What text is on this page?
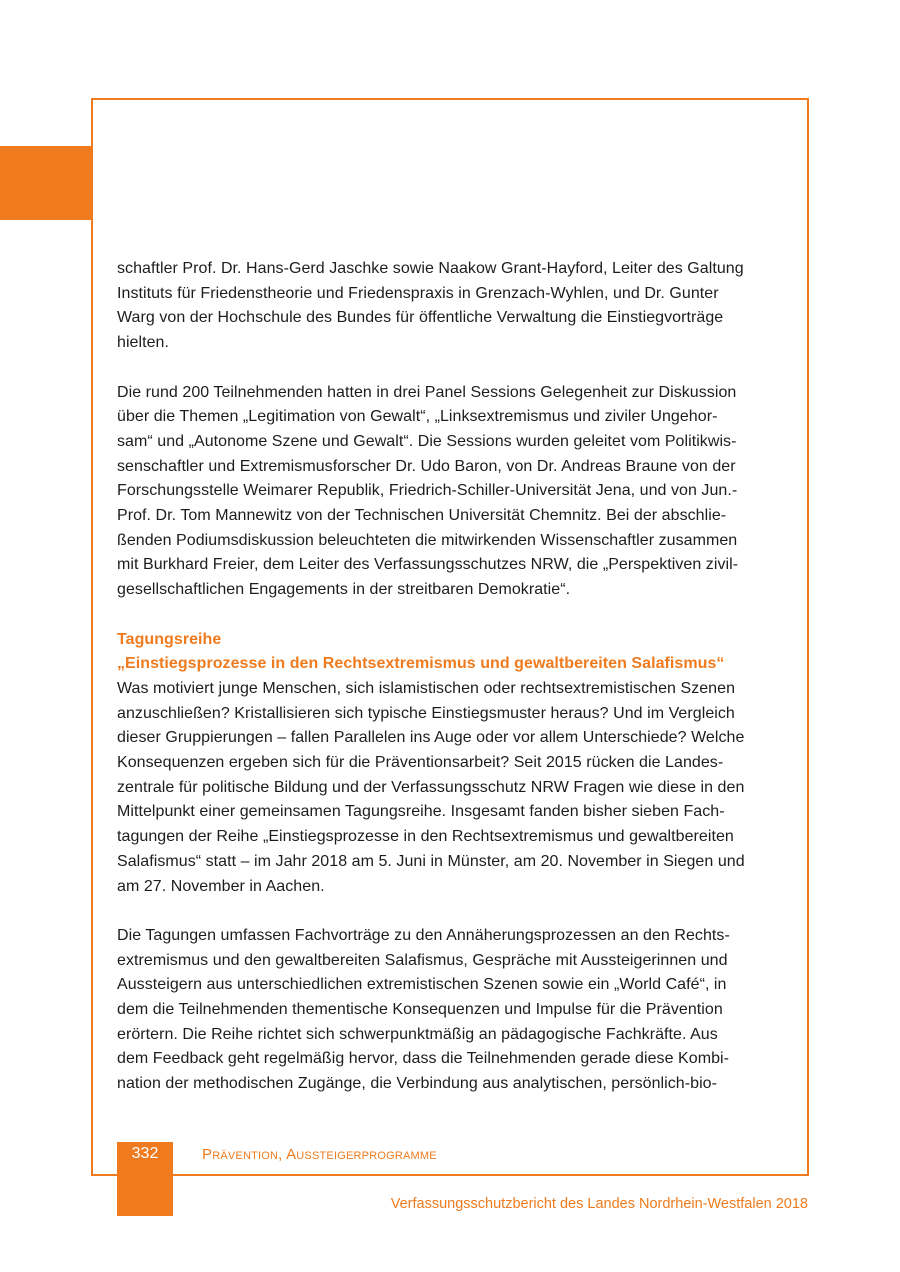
schaftler Prof. Dr. Hans-Gerd Jaschke sowie Naakow Grant-Hayford, Leiter des Galtung
Instituts für Friedenstheorie und Friedenspraxis in Grenzach-Wyhlen, und Dr. Gunter
Warg von der Hochschule des Bundes für öffentliche Verwaltung die Einstiegvorträge
hielten.

Die rund 200 Teilnehmenden hatten in drei Panel Sessions Gelegenheit zur Diskussion
über die Themen „Legitimation von Gewalt“, „Linksextremismus und ziviler Ungehor-
sam“ und „Autonome Szene und Gewalt“. Die Sessions wurden geleitet vom Politikwis-
senschaftler und Extremismusforscher Dr. Udo Baron, von Dr. Andreas Braune von der
Forschungsstelle Weimarer Republik, Friedrich-Schiller-Universität Jena, und von Jun.-
Prof. Dr. Tom Mannewitz von der Technischen Universität Chemnitz. Bei der abschlie-
ßenden Podiumsdiskussion beleuchteten die mitwirkenden Wissenschaftler zusammen
mit Burkhard Freier, dem Leiter des Verfassungsschutzes NRW, die „Perspektiven zivil-
gesellschaftlichen Engagements in der streitbaren Demokratie“.

Tagungsreihe
„Einstiegsprozesse in den Rechtsextremismus und gewaltbereiten Salafismus“

Was motiviert junge Menschen, sich islamistischen oder rechtsextremistischen Szenen
anzuschließen? Kristallisieren sich typische Einstiegsmuster heraus? Und im Vergleich
dieser Gruppierungen – fallen Parallelen ins Auge oder vor allem Unterschiede? Welche
Konsequenzen ergeben sich für die Präventionsarbeit? Seit 2015 rücken die Landes-
zentrale für politische Bildung und der Verfassungsschutz NRW Fragen wie diese in den
Mittelpunkt einer gemeinsamen Tagungsreihe. Insgesamt fanden bisher sieben Fach-
tagungen der Reihe „Einstiegsprozesse in den Rechtsextremismus und gewaltbereiten
Salafismus“ statt – im Jahr 2018 am 5. Juni in Münster, am 20. November in Siegen und
am 27. November in Aachen.

Die Tagungen umfassen Fachvorträge zu den Annäherungsprozessen an den Rechts-
extremismus und den gewaltbereiten Salafismus, Gespräche mit Aussteigerinnen und
Aussteigern aus unterschiedlichen extremistischen Szenen sowie ein „World Café“, in
dem die Teilnehmenden thementische Konsequenzen und Impulse für die Prävention
erörtern. Die Reihe richtet sich schwerpunktmäßig an pädagogische Fachkräfte. Aus
dem Feedback geht regelmäßig hervor, dass die Teilnehmenden gerade diese Kombi-
nation der methodischen Zugänge, die Verbindung aus analytischen, persönlich-bio-

332	Prävention, Aussteigerprogramme
Verfassungsschutzbericht des Landes Nordrhein-Westfalen 2018
